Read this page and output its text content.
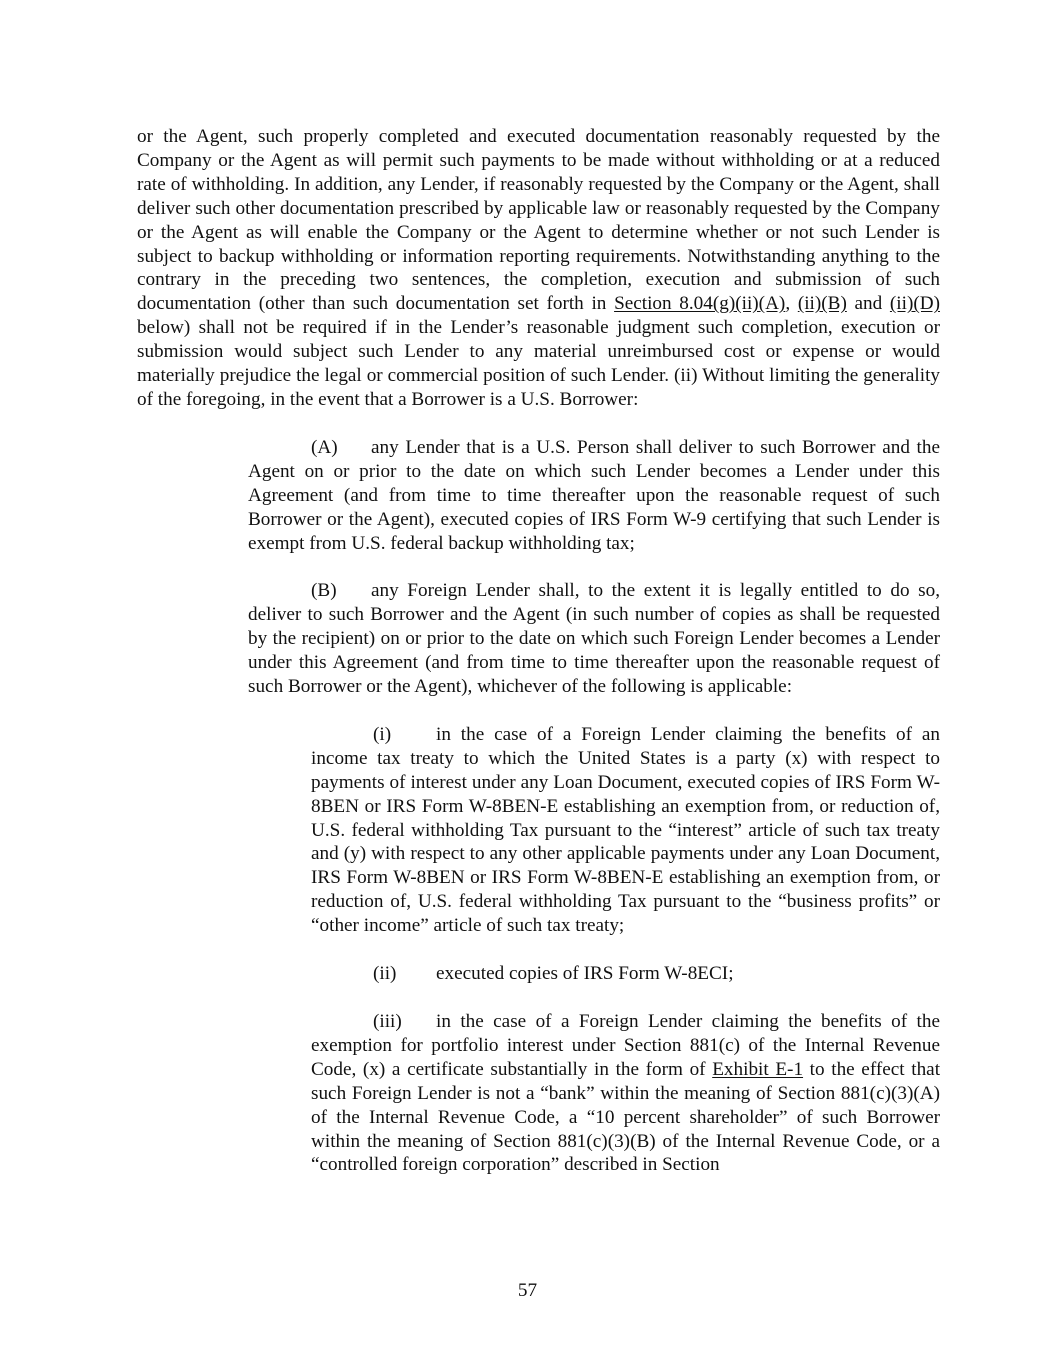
or the Agent, such properly completed and executed documentation reasonably requested by the Company or the Agent as will permit such payments to be made without withholding or at a reduced rate of withholding. In addition, any Lender, if reasonably requested by the Company or the Agent, shall deliver such other documentation prescribed by applicable law or reasonably requested by the Company or the Agent as will enable the Company or the Agent to determine whether or not such Lender is subject to backup withholding or information reporting requirements. Notwithstanding anything to the contrary in the preceding two sentences, the completion, execution and submission of such documentation (other than such documentation set forth in Section 8.04(g)(ii)(A), (ii)(B) and (ii)(D) below) shall not be required if in the Lender’s reasonable judgment such completion, execution or submission would subject such Lender to any material unreimbursed cost or expense or would materially prejudice the legal or commercial position of such Lender. (ii) Without limiting the generality of the foregoing, in the event that a Borrower is a U.S. Borrower:

(A) any Lender that is a U.S. Person shall deliver to such Borrower and the Agent on or prior to the date on which such Lender becomes a Lender under this Agreement (and from time to time thereafter upon the reasonable request of such Borrower or the Agent), executed copies of IRS Form W-9 certifying that such Lender is exempt from U.S. federal backup withholding tax;

(B) any Foreign Lender shall, to the extent it is legally entitled to do so, deliver to such Borrower and the Agent (in such number of copies as shall be requested by the recipient) on or prior to the date on which such Foreign Lender becomes a Lender under this Agreement (and from time to time thereafter upon the reasonable request of such Borrower or the Agent), whichever of the following is applicable:

(i) in the case of a Foreign Lender claiming the benefits of an income tax treaty to which the United States is a party (x) with respect to payments of interest under any Loan Document, executed copies of IRS Form W-8BEN or IRS Form W-8BEN-E establishing an exemption from, or reduction of, U.S. federal withholding Tax pursuant to the “interest” article of such tax treaty and (y) with respect to any other applicable payments under any Loan Document, IRS Form W-8BEN or IRS Form W-8BEN-E establishing an exemption from, or reduction of, U.S. federal withholding Tax pursuant to the “business profits” or “other income” article of such tax treaty;

(ii) executed copies of IRS Form W-8ECI;

(iii) in the case of a Foreign Lender claiming the benefits of the exemption for portfolio interest under Section 881(c) of the Internal Revenue Code, (x) a certificate substantially in the form of Exhibit E-1 to the effect that such Foreign Lender is not a “bank” within the meaning of Section 881(c)(3)(A) of the Internal Revenue Code, a “10 percent shareholder” of such Borrower within the meaning of Section 881(c)(3)(B) of the Internal Revenue Code, or a “controlled foreign corporation” described in Section

57
